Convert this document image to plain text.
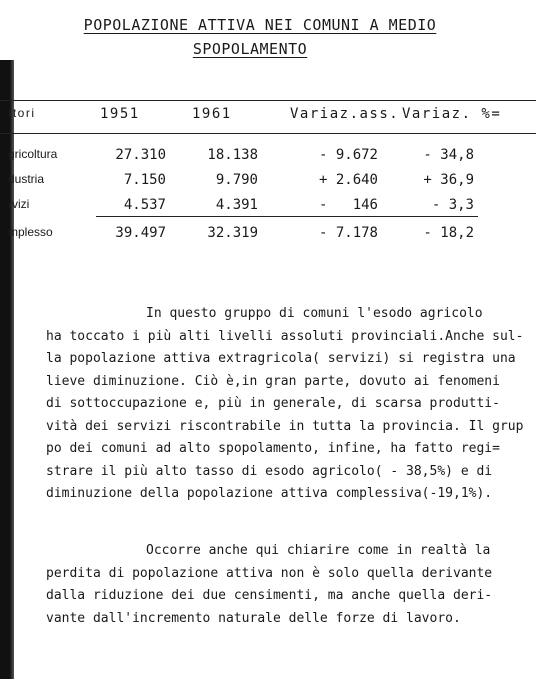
POPOLAZIONE ATTIVA NEI COMUNI A MEDIO
SPOPOLAMENTO
ttori	1951	1961	Variaz.ass. Variaz. %=
gricoltura	27.310	18.138	- 9.672	- 34,8
dustria	7.150	9.790	+ 2.640	+ 36,9
rvizi	4.537	4.391	-   146	- 3,3
mplesso	39.497	32.319	- 7.178	- 18,2
In questo gruppo di comuni l'esodo agricolo
ha toccato i più alti livelli assoluti provinciali.Anche sul-
la popolazione attiva extragricola( servizi) si registra una
lieve diminuzione. Ciò è,in gran parte, dovuto ai fenomeni
di sottoccupazione e, più in generale, di scarsa produtti-
vità dei servizi riscontrabile in tutta la provincia. Il grup
po dei comuni ad alto spopolamento, infine, ha fatto regi=
strare il più alto tasso di esodo agricolo( - 38,5%) e di
diminuzione della popolazione attiva complessiva(-19,1%).
Occorre anche qui chiarire come in realtà la
perdita di popolazione attiva non è solo quella derivante
dalla riduzione dei due censimenti, ma anche quella deri-
vante dall'incremento naturale delle forze di lavoro.
